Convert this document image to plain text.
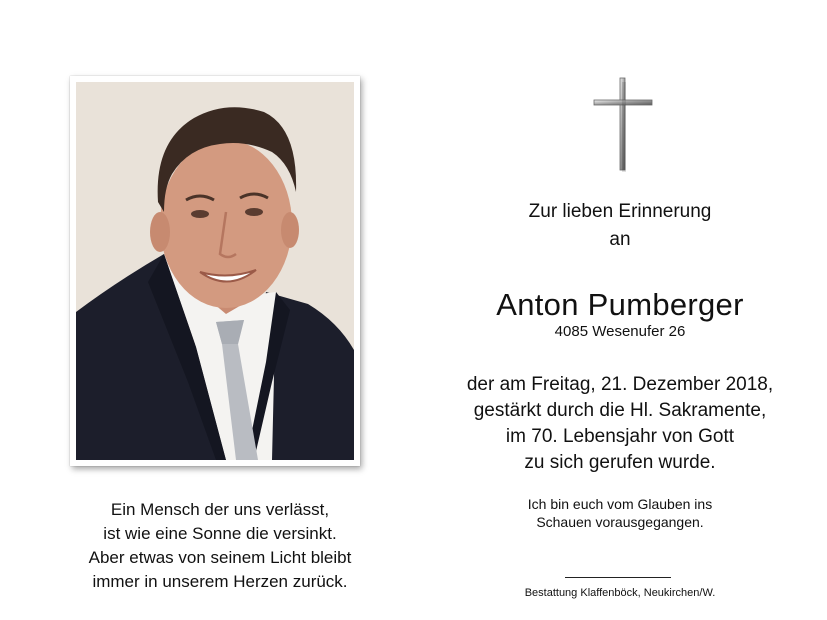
Ein Mensch der uns verlässt,
ist wie eine Sonne die versinkt.
Aber etwas von seinem Licht bleibt
immer in unserem Herzen zurück.
Zur lieben Erinnerung
an
Anton Pumberger
4085 Wesenufer 26
der am Freitag, 21. Dezember 2018,
gestärkt durch die Hl. Sakramente,
im 70. Lebensjahr von Gott
zu sich gerufen wurde.
Ich bin euch vom Glauben ins
Schauen vorausgegangen.
Bestattung Klaffenböck, Neukirchen/W.
